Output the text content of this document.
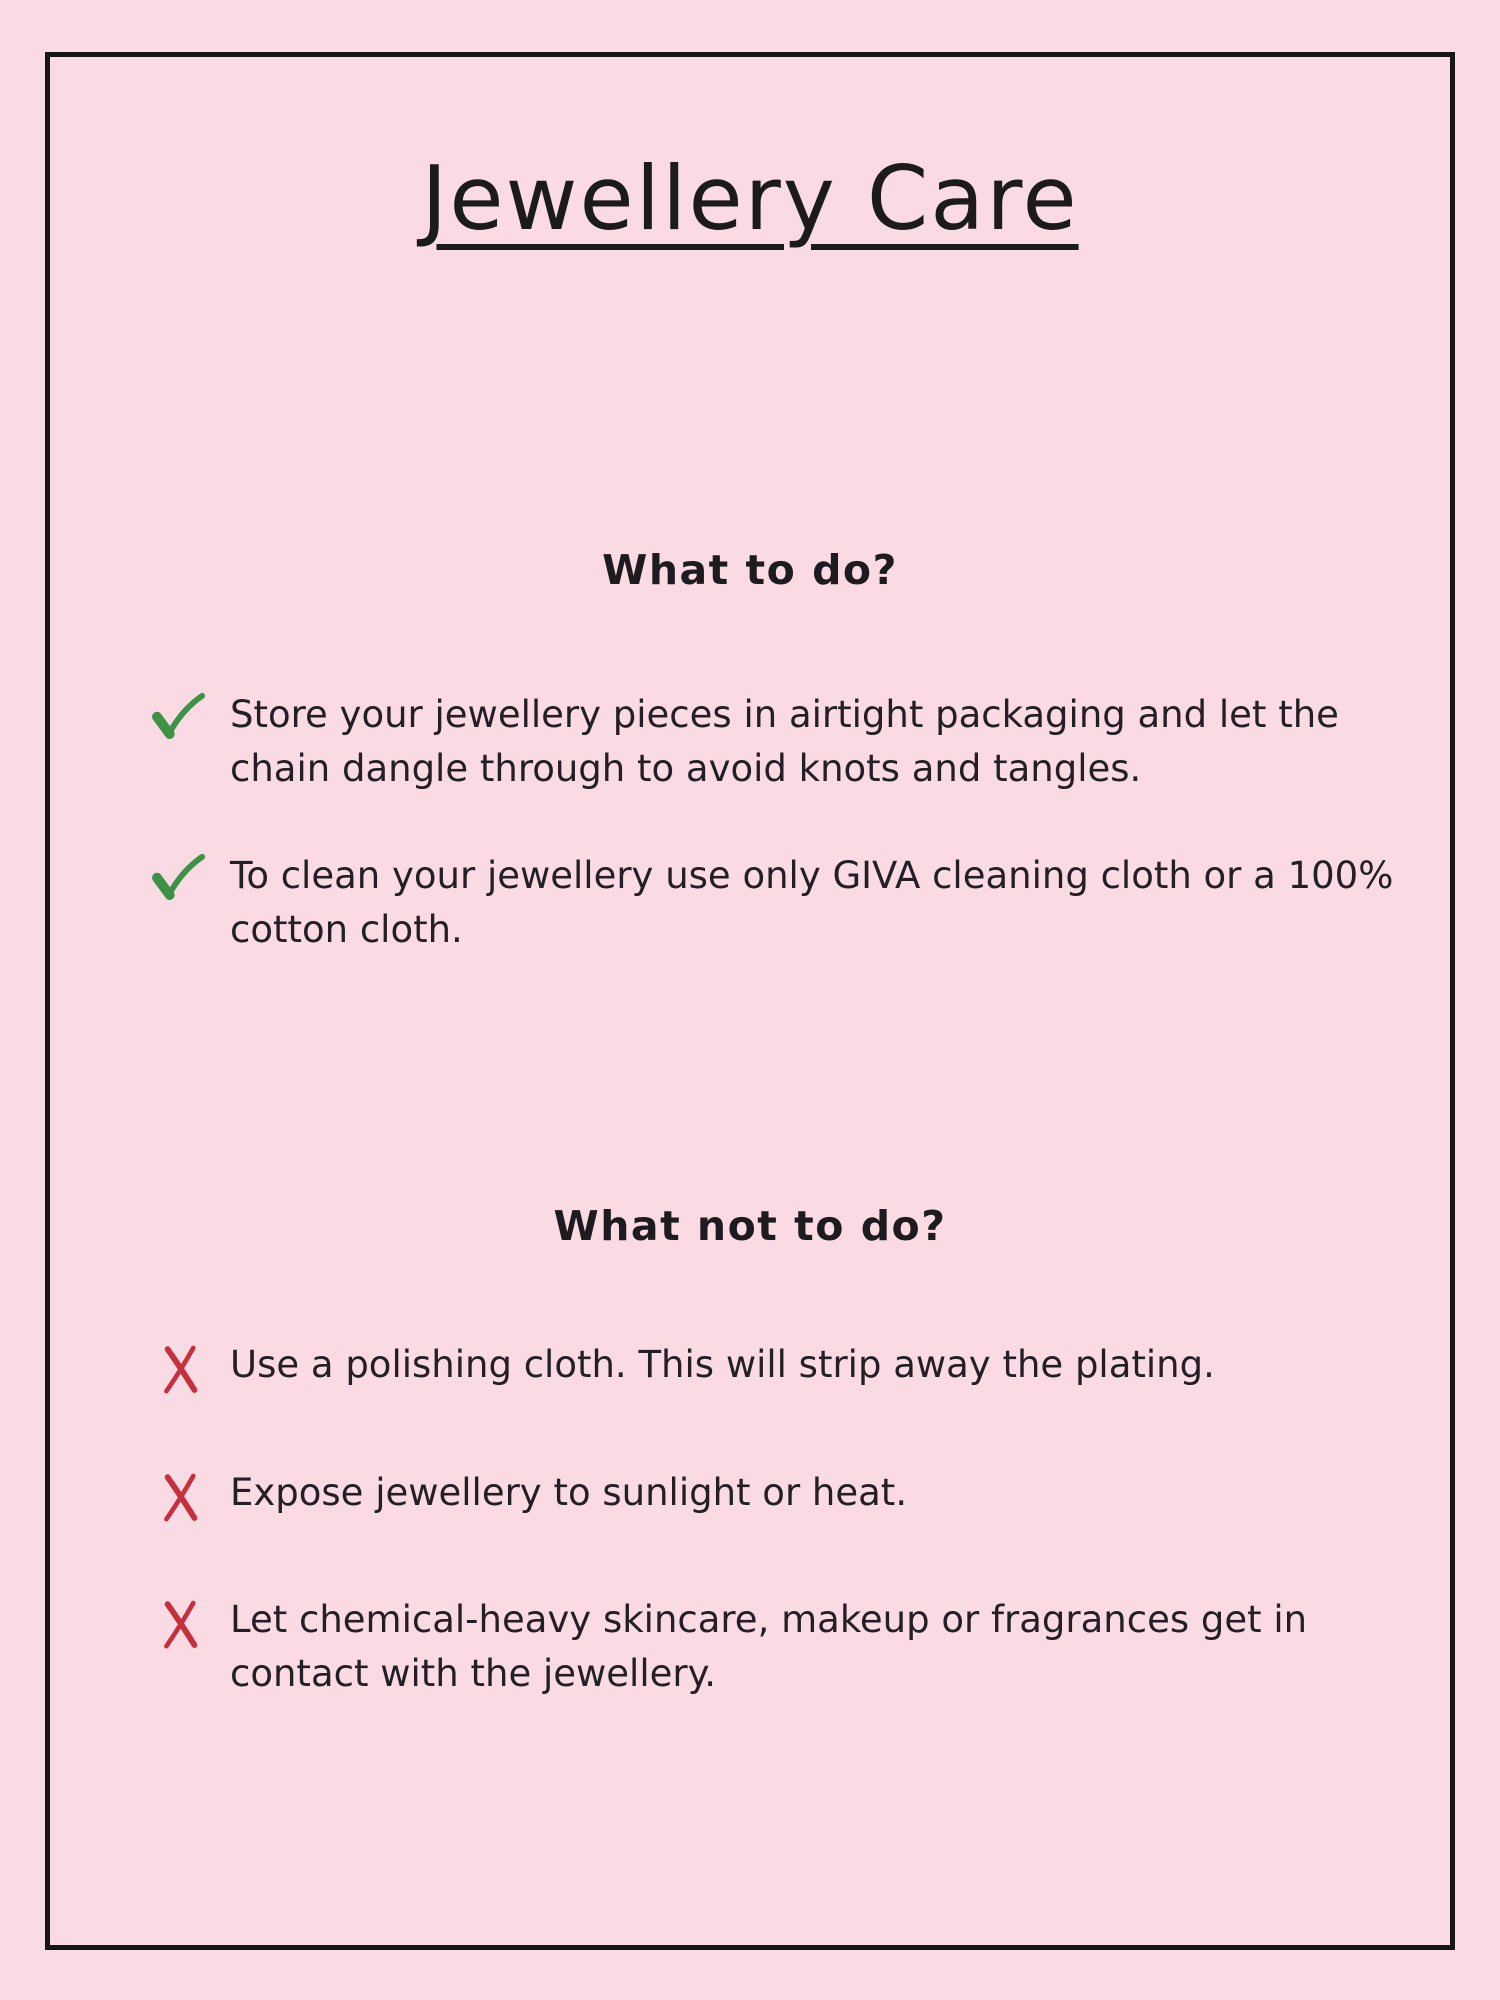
Jewellery Care
What to do?
Store your jewellery pieces in airtight packaging and let the chain dangle through to avoid knots and tangles.
To clean your jewellery use only GIVA cleaning cloth or a 100% cotton cloth.
What not to do?
Use a polishing cloth. This will strip away the plating.
Expose jewellery to sunlight or heat.
Let chemical-heavy skincare, makeup or fragrances get in contact with the jewellery.
